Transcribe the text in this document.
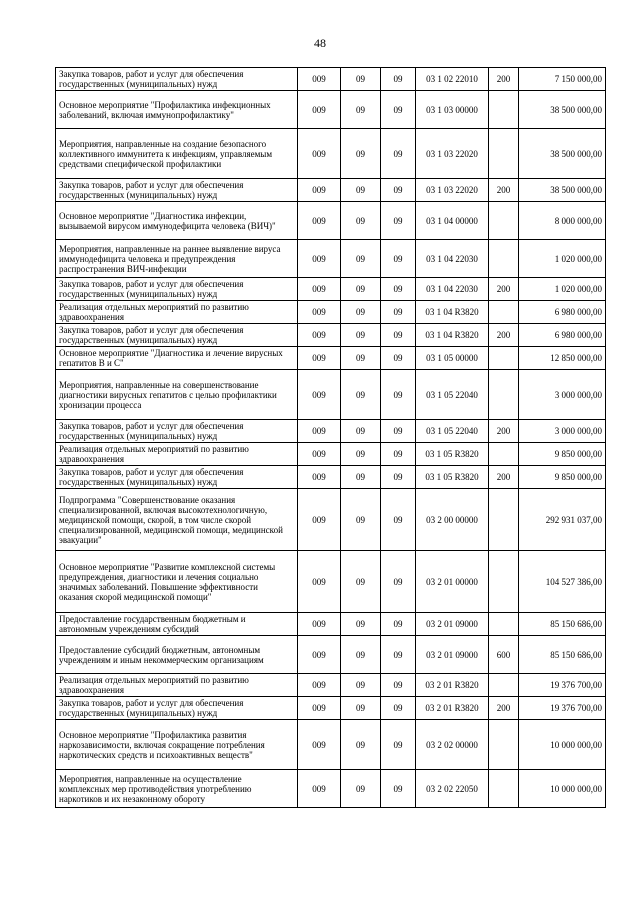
48
Закупка товаров, работ и услуг для обеспечения государственных (муниципальных) нужд	009	09	09	03 1 02 22010	200	7 150 000,00
Основное мероприятие "Профилактика инфекционных заболеваний, включая иммунопрофилактику"	009	09	09	03 1 03 00000		38 500 000,00
Мероприятия, направленные на создание безопасного коллективного иммунитета к инфекциям, управляемым средствами специфической профилактики	009	09	09	03 1 03 22020		38 500 000,00
Закупка товаров, работ и услуг для обеспечения государственных (муниципальных) нужд	009	09	09	03 1 03 22020	200	38 500 000,00
Основное мероприятие "Диагностика инфекции, вызываемой вирусом иммунодефицита человека (ВИЧ)"	009	09	09	03 1 04 00000		8 000 000,00
Мероприятия, направленные на раннее выявление вируса иммунодефицита человека и предупреждения распространения ВИЧ-инфекции	009	09	09	03 1 04 22030		1 020 000,00
Закупка товаров, работ и услуг для обеспечения государственных (муниципальных) нужд	009	09	09	03 1 04 22030	200	1 020 000,00
Реализация отдельных мероприятий по развитию здравоохранения	009	09	09	03 1 04 R3820		6 980 000,00
Закупка товаров, работ и услуг для обеспечения государственных (муниципальных) нужд	009	09	09	03 1 04 R3820	200	6 980 000,00
Основное мероприятие "Диагностика и лечение вирусных гепатитов В и С"	009	09	09	03 1 05 00000		12 850 000,00
Мероприятия, направленные на совершенствование диагностики вирусных гепатитов с целью профилактики хронизации процесса	009	09	09	03 1 05 22040		3 000 000,00
Закупка товаров, работ и услуг для обеспечения государственных (муниципальных) нужд	009	09	09	03 1 05 22040	200	3 000 000,00
Реализация отдельных мероприятий по развитию здравоохранения	009	09	09	03 1 05 R3820		9 850 000,00
Закупка товаров, работ и услуг для обеспечения государственных (муниципальных) нужд	009	09	09	03 1 05 R3820	200	9 850 000,00
Подпрограмма "Совершенствование оказания специализированной, включая высокотехнологичную, медицинской помощи, скорой, в том числе скорой специализированной, медицинской помощи, медицинской эвакуации"	009	09	09	03 2 00 00000		292 931 037,00
Основное мероприятие "Развитие комплексной системы предупреждения, диагностики и лечения социально значимых заболеваний. Повышение эффективности оказания скорой медицинской помощи"	009	09	09	03 2 01 00000		104 527 386,00
Предоставление государственным бюджетным и автономным учреждениям субсидий	009	09	09	03 2 01 09000		85 150 686,00
Предоставление субсидий бюджетным, автономным учреждениям и иным некоммерческим организациям	009	09	09	03 2 01 09000	600	85 150 686,00
Реализация отдельных мероприятий по развитию здравоохранения	009	09	09	03 2 01 R3820		19 376 700,00
Закупка товаров, работ и услуг для обеспечения государственных (муниципальных) нужд	009	09	09	03 2 01 R3820	200	19 376 700,00
Основное мероприятие "Профилактика развития наркозависимости, включая сокращение потребления наркотических средств и психоактивных веществ"	009	09	09	03 2 02 00000		10 000 000,00
Мероприятия, направленные на осуществление комплексных мер противодействия употреблению наркотиков и их незаконному обороту	009	09	09	03 2 02 22050		10 000 000,00
